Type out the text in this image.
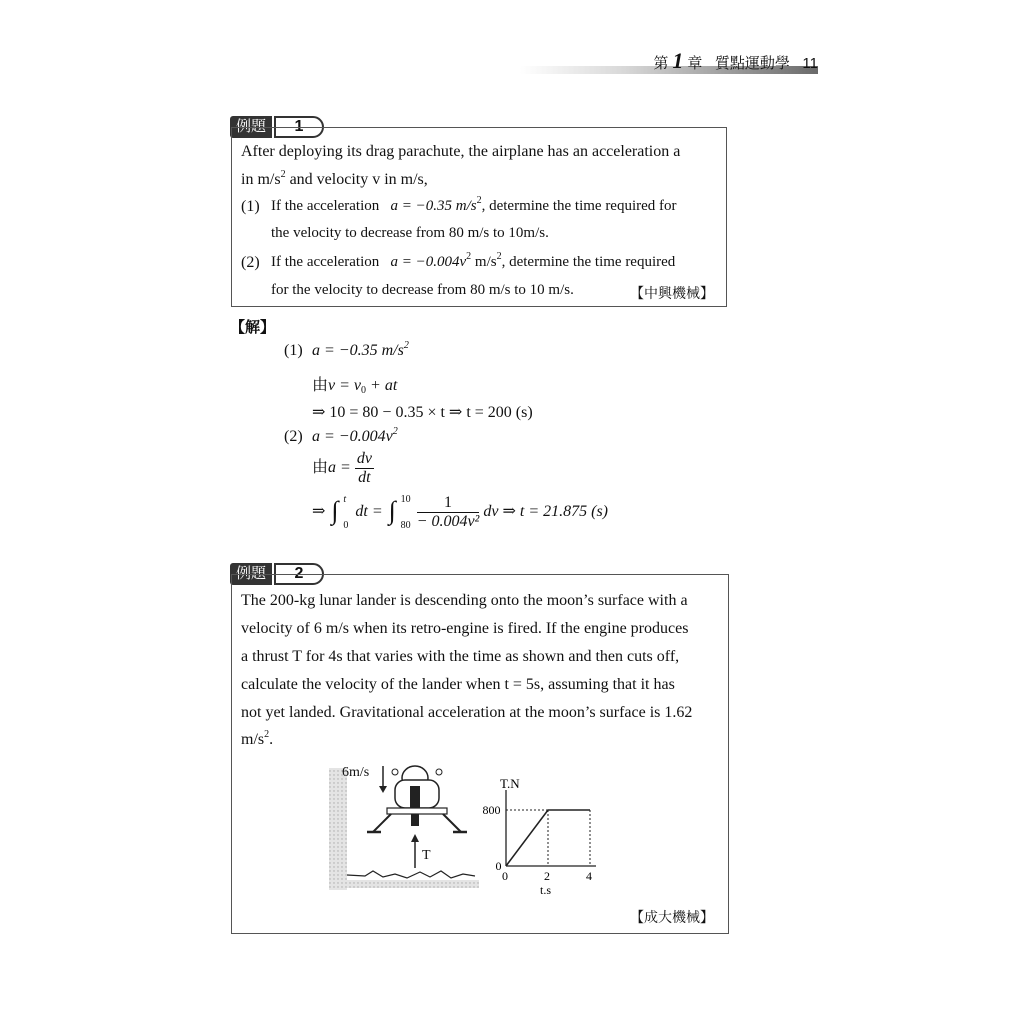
第 1 章 質點運動學 11
例題	1
After deploying its drag parachute, the airplane has an acceleration a
in $m/s^2$ and velocity v in m/s,
(1) If the acceleration a = −0.35 $m/s^2$, determine the time required for
the velocity to decrease from 80 m/s to 10m/s.
(2) If the acceleration $a = -0.004v^2$ $m/s^2$, determine the time required
for the velocity to decrease from 80 m/s to 10 m/s.	【中興機械】
【解】
(1) a = −0.35 $m/s^2$
由$v = v_0$ + at
⇒ 10 = 80 − 0.35 × t ⇒ t = 200 (s)
(2) $a = -0.004v^2$
由$a = \frac{dv}{dt}$
⇒ ∫ t
0
dt = ∫ 10
$80 \frac{1}{\text{− 0.004v²}}$ dv ⇒ t = 21.875 (s)
例題	2
The 200-kg lunar lander is descending onto the moon’s surface with a
velocity of 6 m/s when its retro-engine is fired. If the engine produces
a thrust T for 4s that varies with the time as shown and then cuts off,
calculate the velocity of the lander when t = 5s, assuming that it has
not yet landed. Gravitational acceleration at the moon’s surface is 1.62
$m/s^2$.
【成大機械】
6m/s
T
T.N
t.s
0	2	4
0
800
